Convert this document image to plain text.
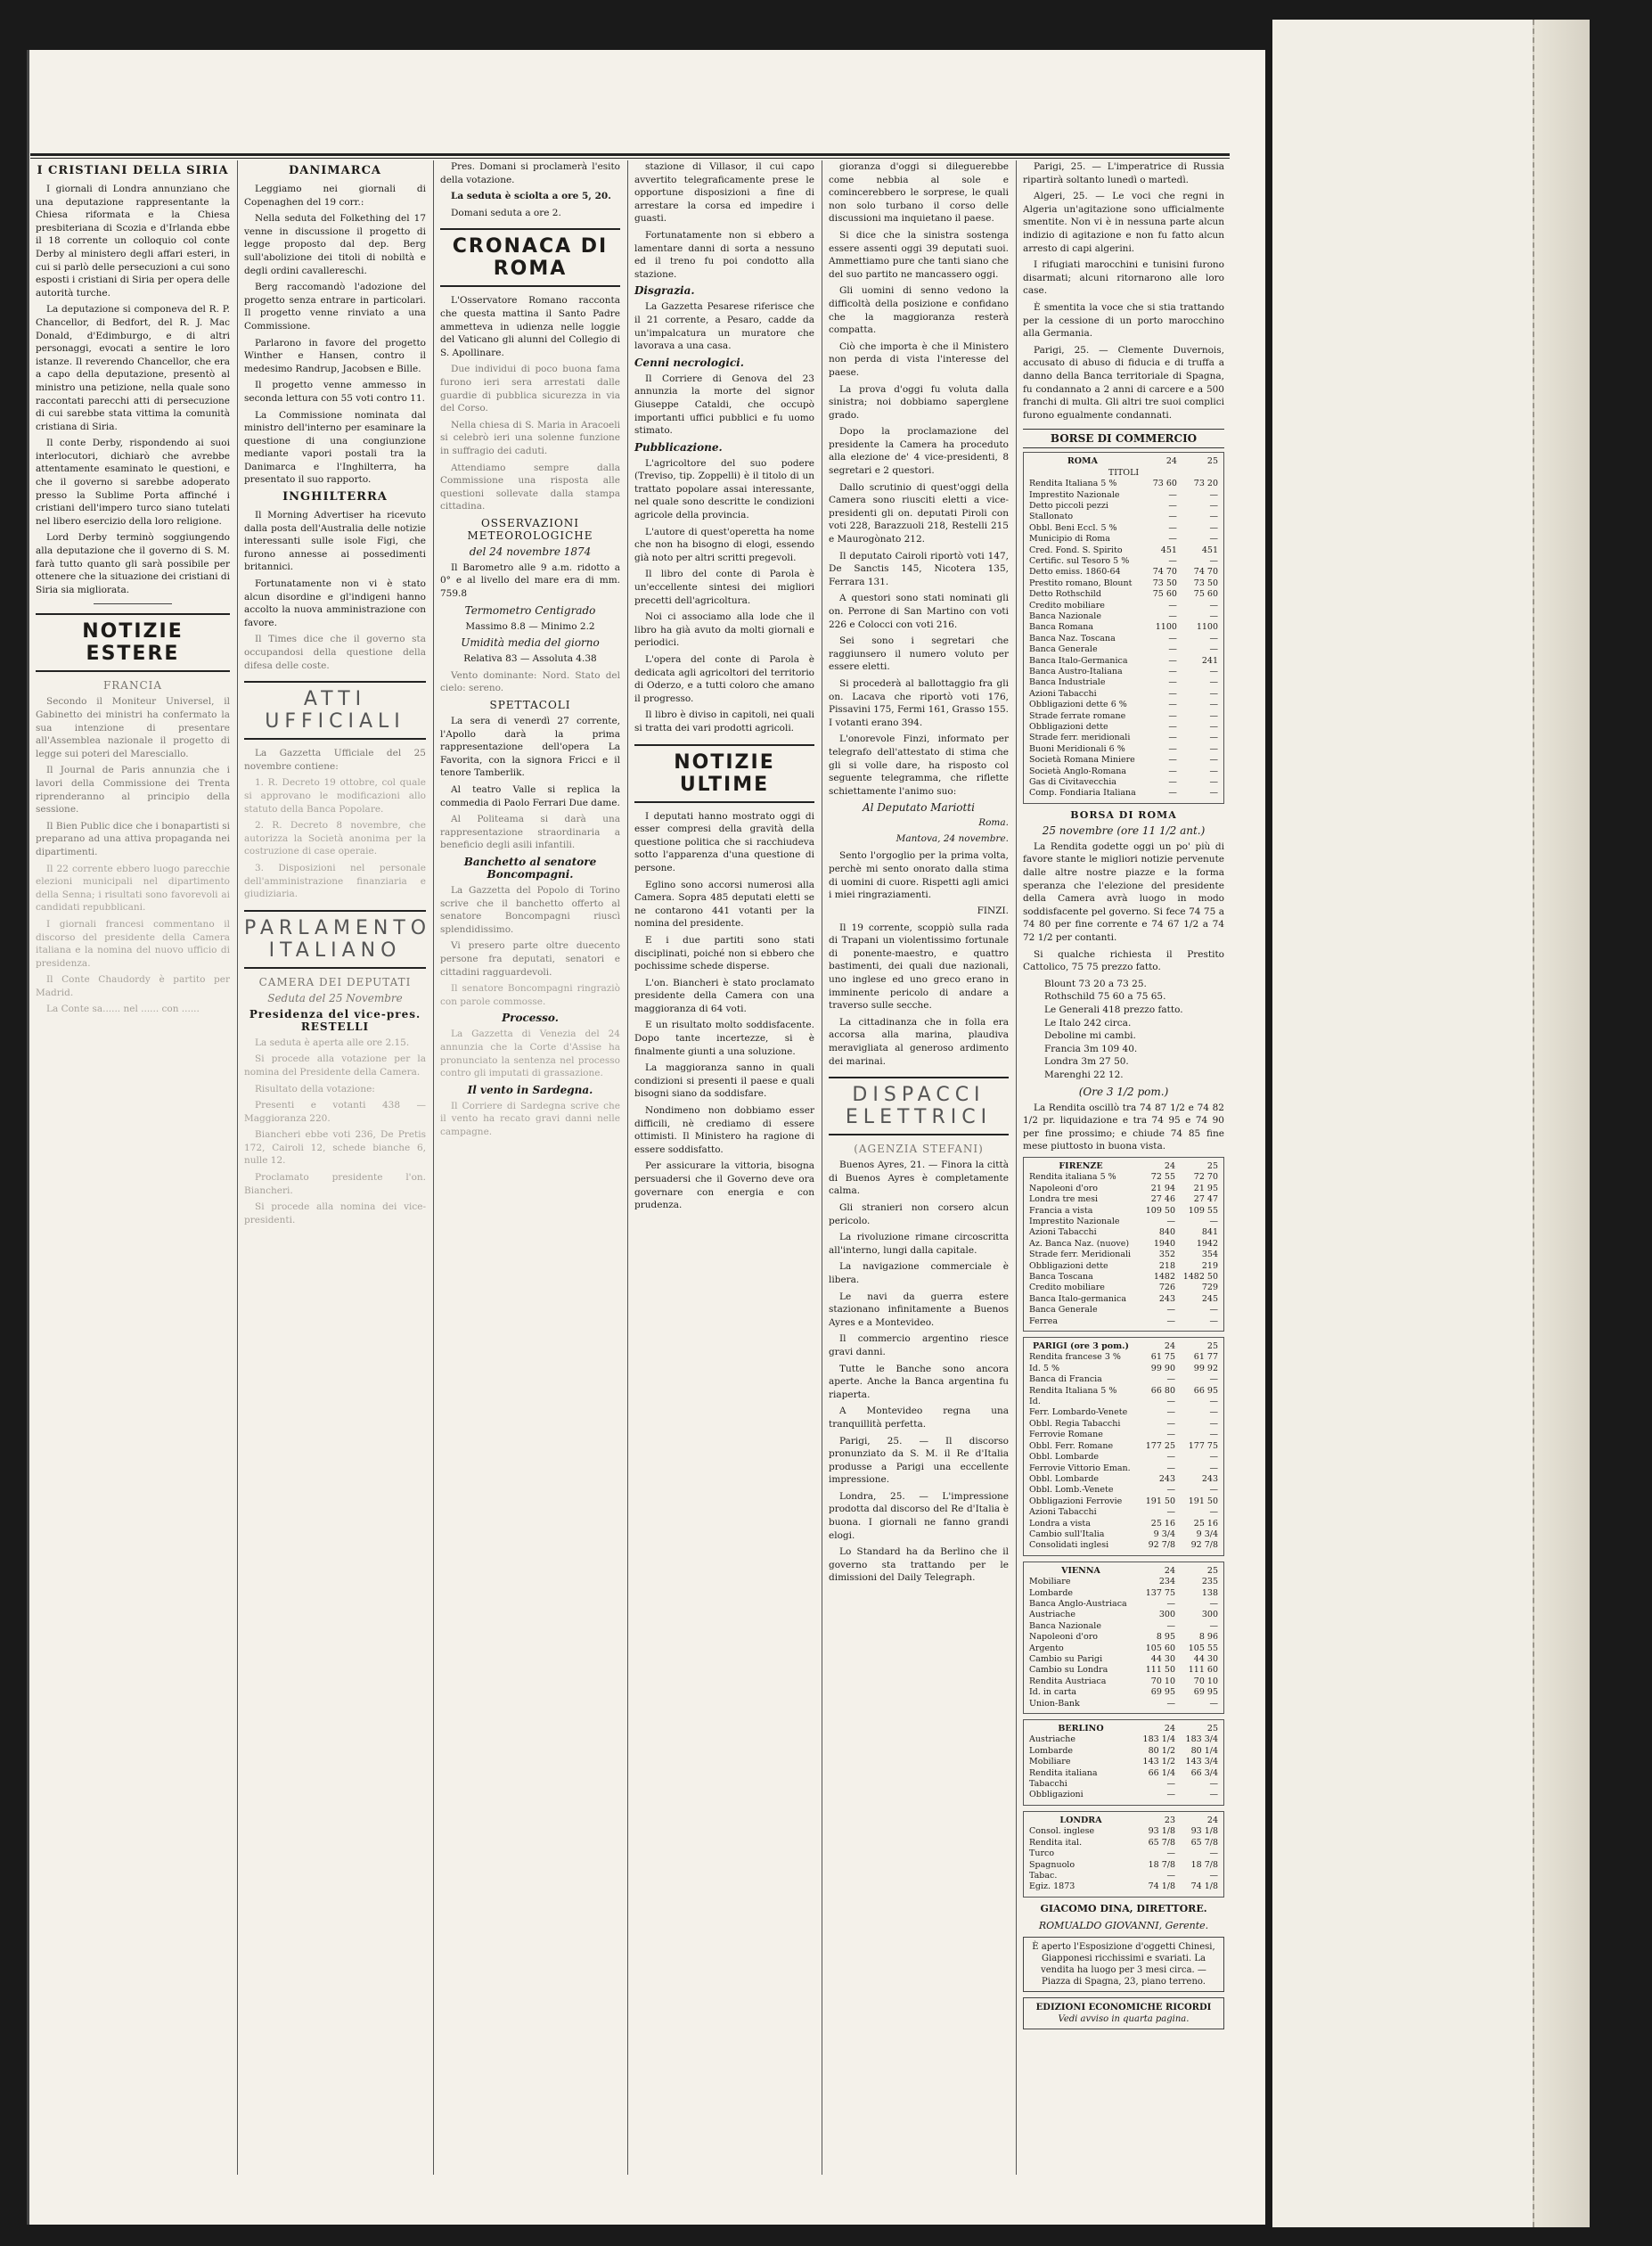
I CRISTIANI DELLA SIRIA

I giornali di Londra annunziano che una deputazione rappresentante la Chiesa riformata e la Chiesa presbiteriana di Scozia e d'Irlanda ebbe il 18 corrente un colloquio col conte Derby al ministero degli affari esteri, in cui si parlò delle persecuzioni a cui sono esposti i cristiani di Siria per opera delle autorità turche.

La deputazione si componeva del R. P. Chancellor, di Bedfort, del R. J. Mac Donald, d'Edimburgo, e di altri personaggi, evocati a sentire le loro istanze. Il reverendo Chancellor, che era a capo della deputazione, presentò al ministro una petizione, nella quale sono raccontati parecchi atti di persecuzione di cui sarebbe stata vittima la comunità cristiana di Siria.

Il conte Derby, rispondendo ai suoi interlocutori, dichiarò che avrebbe attentamente esaminato le questioni, e che il governo si sarebbe adoperato presso la Sublime Porta affinché i cristiani dell'impero turco siano tutelati nel libero esercizio della loro religione.

Lord Derby terminò soggiungendo alla deputazione che il governo di S. M. farà tutto quanto gli sarà possibile per ottenere che la situazione dei cristiani di Siria sia migliorata.

NOTIZIE ESTERE
FRANCIA

Secondo il Moniteur Universel, il Gabinetto dei ministri ha confermato la sua intenzione di presentare all'Assemblea nazionale il progetto di legge sui poteri del Maresciallo.

Il Journal de Paris annunzia che i lavori della Commissione dei Trenta riprenderanno al principio della sessione.

Il Bien Public dice che i bonapartisti si preparano ad una attiva propaganda nei dipartimenti.

Il 22 corrente ebbero luogo parecchie elezioni municipali nel dipartimento della Senna; i risultati sono favorevoli ai candidati repubblicani.

I giornali francesi commentano il discorso del presidente della Camera italiana e la nomina del nuovo ufficio di presidenza.

Il Conte Chaudordy è partito per Madrid.

La Conte sa...... nel ...... con ......

DANIMARCA

Leggiamo nei giornali di Copenaghen del 19 corr.:

Nella seduta del Folkething del 17 venne in discussione il progetto di legge proposto dal dep. Berg sull'abolizione dei titoli di nobiltà e degli ordini cavallereschi.

Berg raccomandò l'adozione del progetto senza entrare in particolari. Il progetto venne rinviato a una Commissione.

Parlarono in favore del progetto Winther e Hansen, contro il medesimo Randrup, Jacobsen e Bille.

Il progetto venne ammesso in seconda lettura con 55 voti contro 11.

La Commissione nominata dal ministro dell'interno per esaminare la questione di una congiunzione mediante vapori postali tra la Danimarca e l'Inghilterra, ha presentato il suo rapporto.

INGHILTERRA

Il Morning Advertiser ha ricevuto dalla posta dell'Australia delle notizie interessanti sulle isole Figi, che furono annesse ai possedimenti britannici.

Fortunatamente non vi è stato alcun disordine e gl'indigeni hanno accolto la nuova amministrazione con favore.

Il Times dice che il governo sta occupandosi della questione della difesa delle coste.

ATTI UFFICIALI

La Gazzetta Ufficiale del 25 novembre contiene:

1. R. Decreto 19 ottobre, col quale si approvano le modificazioni allo statuto della Banca Popolare.

2. R. Decreto 8 novembre, che autorizza la Società anonima per la costruzione di case operaie.

3. Disposizioni nel personale dell'amministrazione finanziaria e giudiziaria.

PARLAMENTO ITALIANO
CAMERA DEI DEPUTATI
Seduta del 25 Novembre
Presidenza del vice-pres. RESTELLI

La seduta è aperta alle ore 2.15.

Si procede alla votazione per la nomina del Presidente della Camera.

Risultato della votazione:

Presenti e votanti 438 — Maggioranza 220.

Biancheri ebbe voti 236, De Pretis 172, Cairoli 12, schede bianche 6, nulle 12.

Proclamato presidente l'on. Biancheri.

Si procede alla nomina dei vice-presidenti.

Pres. Domani si proclamerà l'esito della votazione.

La seduta è sciolta a ore 5, 20.

Domani seduta a ore 2.

CRONACA DI ROMA

L'Osservatore Romano racconta che questa mattina il Santo Padre ammetteva in udienza nelle loggie del Vaticano gli alunni del Collegio di S. Apollinare.

Due individui di poco buona fama furono ieri sera arrestati dalle guardie di pubblica sicurezza in via del Corso.

Nella chiesa di S. Maria in Aracoeli si celebrò ieri una solenne funzione in suffragio dei caduti.

Attendiamo sempre dalla Commissione una risposta alle questioni sollevate dalla stampa cittadina.

OSSERVAZIONI METEOROLOGICHE
del 24 novembre 1874

Il Barometro alle 9 a.m. ridotto a 0° e al livello del mare era di mm. 759.8

Termometro Centigrado

Massimo 8.8 — Minimo 2.2

Umidità media del giorno

Relativa 83 — Assoluta 4.38

Vento dominante: Nord. Stato del cielo: sereno.

SPETTACOLI

La sera di venerdì 27 corrente, l'Apollo darà la prima rappresentazione dell'opera La Favorita, con la signora Fricci e il tenore Tamberlik.

Al teatro Valle si replica la commedia di Paolo Ferrari Due dame.

Al Politeama si darà una rappresentazione straordinaria a beneficio degli asili infantili.

Banchetto al senatore Boncompagni.

La Gazzetta del Popolo di Torino scrive che il banchetto offerto al senatore Boncompagni riuscì splendidissimo.

Vi presero parte oltre duecento persone fra deputati, senatori e cittadini ragguardevoli.

Il senatore Boncompagni ringraziò con parole commosse.

Processo.

La Gazzetta di Venezia del 24 annunzia che la Corte d'Assise ha pronunciato la sentenza nel processo contro gli imputati di grassazione.

Il vento in Sardegna.

Il Corriere di Sardegna scrive che il vento ha recato gravi danni nelle campagne.

stazione di Villasor, il cui capo avvertito telegraficamente prese le opportune disposizioni a fine di arrestare la corsa ed impedire i guasti.

Fortunatamente non si ebbero a lamentare danni di sorta a nessuno ed il treno fu poi condotto alla stazione.

Disgrazia.

La Gazzetta Pesarese riferisce che il 21 corrente, a Pesaro, cadde da un'impalcatura un muratore che lavorava a una casa.

Cenni necrologici.

Il Corriere di Genova del 23 annunzia la morte del signor Giuseppe Cataldi, che occupò importanti uffici pubblici e fu uomo stimato.

Pubblicazione.

L'agricoltore del suo podere (Treviso, tip. Zoppelli) è il titolo di un trattato popolare assai interessante, nel quale sono descritte le condizioni agricole della provincia.

L'autore di quest'operetta ha nome che non ha bisogno di elogi, essendo già noto per altri scritti pregevoli.

Il libro del conte di Parola è un'eccellente sintesi dei migliori precetti dell'agricoltura.

Noi ci associamo alla lode che il libro ha già avuto da molti giornali e periodici.

L'opera del conte di Parola è dedicata agli agricoltori del territorio di Oderzo, e a tutti coloro che amano il progresso.

Il libro è diviso in capitoli, nei quali si tratta dei vari prodotti agricoli.

NOTIZIE ULTIME

I deputati hanno mostrato oggi di esser compresi della gravità della questione politica che si racchiudeva sotto l'apparenza d'una questione di persone.

Eglino sono accorsi numerosi alla Camera. Sopra 485 deputati eletti se ne contarono 441 votanti per la nomina del presidente.

E i due partiti sono stati disciplinati, poiché non si ebbero che pochissime schede disperse.

L'on. Biancheri è stato proclamato presidente della Camera con una maggioranza di 64 voti.

E un risultato molto soddisfacente. Dopo tante incertezze, si è finalmente giunti a una soluzione.

La maggioranza sanno in quali condizioni si presenti il paese e quali bisogni siano da soddisfare.

Nondimeno non dobbiamo esser difficili, nè crediamo di essere ottimisti. Il Ministero ha ragione di essere soddisfatto.

Per assicurare la vittoria, bisogna persuadersi che il Governo deve ora governare con energia e con prudenza.

gioranza d'oggi si dileguerebbe come nebbia al sole e comincerebbero le sorprese, le quali non solo turbano il corso delle discussioni ma inquietano il paese.

Si dice che la sinistra sostenga essere assenti oggi 39 deputati suoi. Ammettiamo pure che tanti siano che del suo partito ne mancassero oggi.

Gli uomini di senno vedono la difficoltà della posizione e confidano che la maggioranza resterà compatta.

Ciò che importa è che il Ministero non perda di vista l'interesse del paese.

La prova d'oggi fu voluta dalla sinistra; noi dobbiamo saperglene grado.

Dopo la proclamazione del presidente la Camera ha proceduto alla elezione de' 4 vice-presidenti, 8 segretari e 2 questori.

Dallo scrutinio di quest'oggi della Camera sono riusciti eletti a vice-presidenti gli on. deputati Piroli con voti 228, Barazzuoli 218, Restelli 215 e Maurogònato 212.

Il deputato Cairoli riportò voti 147, De Sanctis 145, Nicotera 135, Ferrara 131.

A questori sono stati nominati gli on. Perrone di San Martino con voti 226 e Colocci con voti 216.

Sei sono i segretari che raggiunsero il numero voluto per essere eletti.

Si procederà al ballottaggio fra gli on. Lacava che riportò voti 176, Pissavini 175, Fermi 161, Grasso 155. I votanti erano 394.

L'onorevole Finzi, informato per telegrafo dell'attestato di stima che gli si volle dare, ha risposto col seguente telegramma, che riflette schiettamente l'animo suo:

Al Deputato Mariotti
Roma.
Mantova, 24 novembre.

Sento l'orgoglio per la prima volta, perchè mi sento onorato dalla stima di uomini di cuore. Rispetti agli amici i miei ringraziamenti.

FINZI.

Il 19 corrente, scoppiò sulla rada di Trapani un violentissimo fortunale di ponente-maestro, e quattro bastimenti, dei quali due nazionali, uno inglese ed uno greco erano in imminente pericolo di andare a traverso sulle secche.

La cittadinanza che in folla era accorsa alla marina, plaudiva meravigliata al generoso ardimento dei marinai.

DISPACCI ELETTRICI
(AGENZIA STEFANI)

Buenos Ayres, 21. — Finora la città di Buenos Ayres è completamente calma.

Gli stranieri non corsero alcun pericolo.

La rivoluzione rimane circoscritta all'interno, lungi dalla capitale.

La navigazione commerciale è libera.

Le navi da guerra estere stazionano infinitamente a Buenos Ayres e a Montevideo.

Il commercio argentino riesce gravi danni.

Tutte le Banche sono ancora aperte. Anche la Banca argentina fu riaperta.

A Montevideo regna una tranquillità perfetta.

Parigi, 25. — Il discorso pronunziato da S. M. il Re d'Italia produsse a Parigi una eccellente impressione.

Londra, 25. — L'impressione prodotta dal discorso del Re d'Italia è buona. I giornali ne fanno grandi elogi.

Lo Standard ha da Berlino che il governo sta trattando per le dimissioni del Daily Telegraph.

Parigi, 25. — L'imperatrice di Russia ripartirà soltanto lunedì o martedì.

Algeri, 25. — Le voci che regni in Algeria un'agitazione sono ufficialmente smentite. Non vi è in nessuna parte alcun indizio di agitazione e non fu fatto alcun arresto di capi algerini.

I rifugiati marocchini e tunisini furono disarmati; alcuni ritornarono alle loro case.

È smentita la voce che si stia trattando per la cessione di un porto marocchino alla Germania.

Parigi, 25. — Clemente Duvernois, accusato di abuso di fiducia e di truffa a danno della Banca territoriale di Spagna, fu condannato a 2 anni di carcere e a 500 franchi di multa. Gli altri tre suoi complici furono egualmente condannati.

BORSE DI COMMERCIO
ROMA	24	25
TITOLI		
Rendita Italiana 5 %	73 60	73 20
Imprestito Nazionale	—	—
Detto piccoli pezzi	—	—
Stallonato	—	—
Obbl. Beni Eccl. 5 %	—	—
Municipio di Roma	—	—
Cred. Fond. S. Spirito	451	451
Certific. sul Tesoro 5 %	—	—
Detto emiss. 1860-64	74 70	74 70
Prestito romano, Blount	73 50	73 50
Detto Rothschild	75 60	75 60
Credito mobiliare	—	—
Banca Nazionale	—	—
Banca Romana	1100	1100
Banca Naz. Toscana	—	—
Banca Generale	—	—
Banca Italo-Germanica	—	241
Banca Austro-Italiana	—	—
Banca Industriale	—	—
Azioni Tabacchi	—	—
Obbligazioni dette 6 %	—	—
Strade ferrate romane	—	—
Obbligazioni dette	—	—
Strade ferr. meridionali	—	—
Buoni Meridionali 6 %	—	—
Società Romana Miniere	—	—
Società Anglo-Romana	—	—
Gas di Civitavecchia	—	—
Comp. Fondiaria Italiana	—	—
BORSA DI ROMA
25 novembre (ore 11 1/2 ant.)

La Rendita godette oggi un po' più di favore stante le migliori notizie pervenute dalle altre nostre piazze e la forma speranza che l'elezione del presidente della Camera avrà luogo in modo soddisfacente pel governo. Si fece 74 75 a 74 80 per fine corrente e 74 67 1/2 a 74 72 1/2 per contanti.

Si qualche richiesta il Prestito Cattolico, 75 75 prezzo fatto.

Blount 73 20 a 73 25.

Rothschild 75 60 a 75 65.

Le Generali 418 prezzo fatto.

Le Italo 242 circa.

Deboline mi cambi.

Francia 3m 109 40.

Londra 3m 27 50.

Marenghi 22 12.

(Ore 3 1/2 pom.)

La Rendita oscillò tra 74 87 1/2 e 74 82 1/2 pr. liquidazione e tra 74 95 e 74 90 per fine prossimo; e chiude 74 85 fine mese piuttosto in buona vista.

FIRENZE	24	25
Rendita italiana 5 %	72 55	72 70
Napoleoni d'oro	21 94	21 95
Londra tre mesi	27 46	27 47
Francia a vista	109 50	109 55
Imprestito Nazionale	—	—
Azioni Tabacchi	840	841
Az. Banca Naz. (nuove)	1940	1942
Strade ferr. Meridionali	352	354
Obbligazioni dette	218	219
Banca Toscana	1482	1482 50
Credito mobiliare	726	729
Banca Italo-germanica	243	245
Banca Generale	—	—
Ferrea	—	—
PARIGI (ore 3 pom.)	24	25
Rendita francese 3 %	61 75	61 77
Id. 5 %	99 90	99 92
Banca di Francia	—	—
Rendita Italiana 5 %	66 80	66 95
Id.	—	—
Ferr. Lombardo-Venete	—	—
Obbl. Regia Tabacchi	—	—
Ferrovie Romane	—	—
Obbl. Ferr. Romane	177 25	177 75
Obbl. Lombarde	—	—
Ferrovie Vittorio Eman.	—	—
Obbl. Lombarde	243	243
Obbl. Lomb.-Venete	—	—
Obbligazioni Ferrovie	191 50	191 50
Azioni Tabacchi	—	—
Londra a vista	25 16	25 16
Cambio sull'Italia	9 3/4	9 3/4
Consolidati inglesi	92 7/8	92 7/8
VIENNA	24	25
Mobiliare	234	235
Lombarde	137 75	138
Banca Anglo-Austriaca	—	—
Austriache	300	300
Banca Nazionale	—	—
Napoleoni d'oro	8 95	8 96
Argento	105 60	105 55
Cambio su Parigi	44 30	44 30
Cambio su Londra	111 50	111 60
Rendita Austriaca	70 10	70 10
Id. in carta	69 95	69 95
Union-Bank	—	—
BERLINO	24	25
Austriache	183 1/4	183 3/4
Lombarde	80 1/2	80 1/4
Mobiliare	143 1/2	143 3/4
Rendita italiana	66 1/4	66 3/4
Tabacchi	—	—
Obbligazioni	—	—
LONDRA	23	24
Consol. inglese	93 1/8	93 1/8
Rendita ital.	65 7/8	65 7/8
Turco	—	—
Spagnuolo	18 7/8	18 7/8
Tabac.	—	—
Egiz. 1873	74 1/8	74 1/8
GIACOMO DINA, DIRETTORE.
ROMUALDO GIOVANNI, Gerente.
È aperto l'Esposizione d'oggetti Chinesi, Giapponesi ricchissimi e svariati. La vendita ha luogo per 3 mesi circa. — Piazza di Spagna, 23, piano terreno.
EDIZIONI ECONOMICHE RICORDI
Vedi avviso in quarta pagina.
